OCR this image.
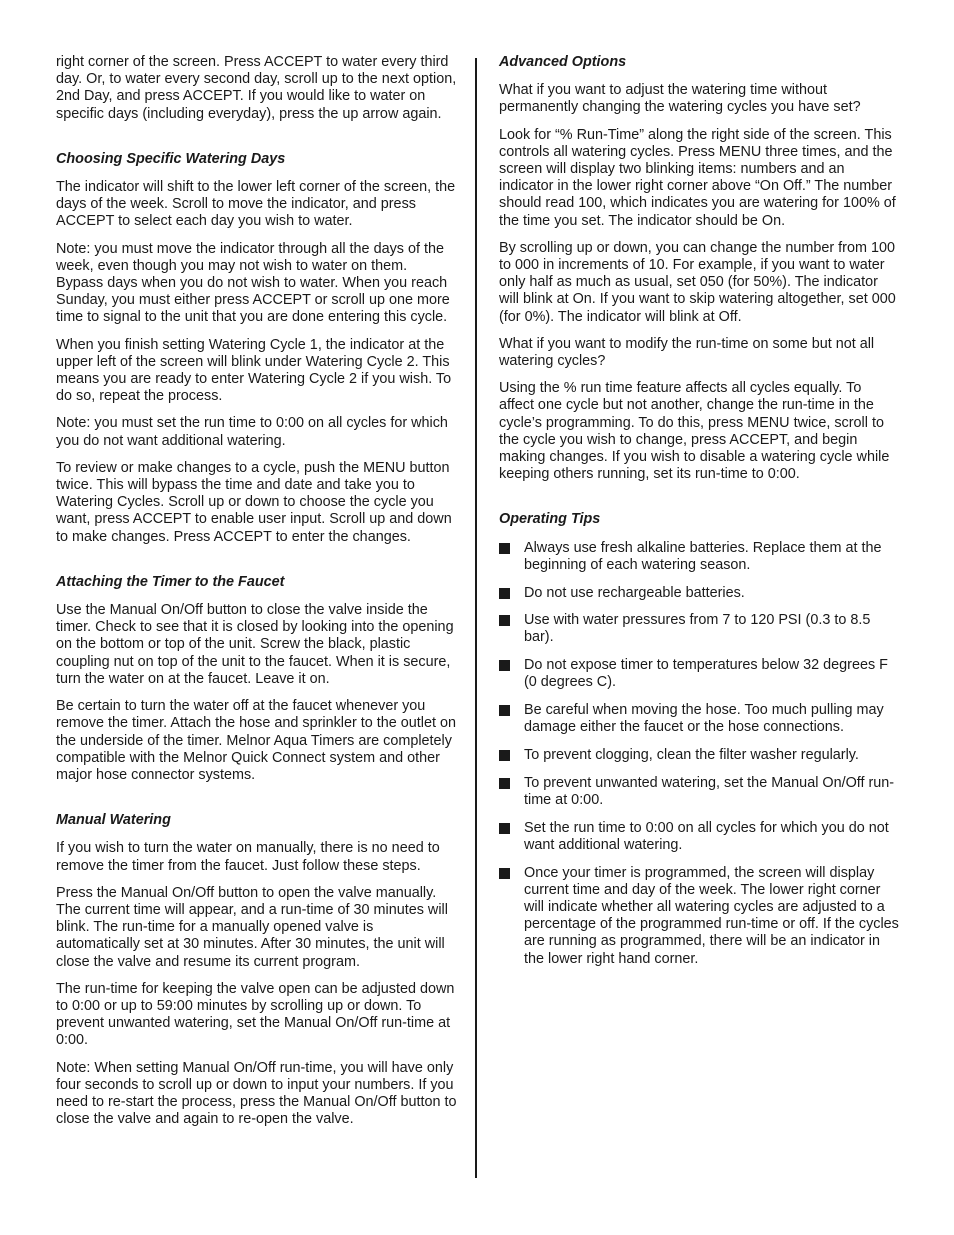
right corner of the screen. Press ACCEPT to water every third day. Or, to water every second day, scroll up to the next option, 2nd Day, and press ACCEPT. If you would like to water on specific days (including everyday), press the up arrow again.

Choosing Specific Watering Days

The indicator will shift to the lower left corner of the screen, the days of the week. Scroll to move the indicator, and press ACCEPT to select each day you wish to water.

Note: you must move the indicator through all the days of the week, even though you may not wish to water on them. Bypass days when you do not wish to water. When you reach Sunday, you must either press ACCEPT or scroll up one more time to signal to the unit that you are done entering this cycle.

When you finish setting Watering Cycle 1, the indicator at the upper left of the screen will blink under Watering Cycle 2. This means you are ready to enter Watering Cycle 2 if you wish. To do so, repeat the process.

Note: you must set the run time to 0:00 on all cycles for which you do not want additional watering.

To review or make changes to a cycle, push the MENU button twice. This will bypass the time and date and take you to Watering Cycles. Scroll up or down to choose the cycle you want, press ACCEPT to enable user input. Scroll up and down to make changes. Press ACCEPT to enter the changes.

Attaching the Timer to the Faucet

Use the Manual On/Off button to close the valve inside the timer. Check to see that it is closed by looking into the opening on the bottom or top of the unit. Screw the black, plastic coupling nut on top of the unit to the faucet. When it is secure, turn the water on at the faucet. Leave it on.

Be certain to turn the water off at the faucet whenever you remove the timer. Attach the hose and sprinkler to the outlet on the underside of the timer. Melnor Aqua Timers are completely compatible with the Melnor Quick Connect system and other major hose connector systems.

Manual Watering

If you wish to turn the water on manually, there is no need to remove the timer from the faucet. Just follow these steps.

Press the Manual On/Off button to open the valve manually. The current time will appear, and a run-time of 30 minutes will blink. The run-time for a manually opened valve is automatically set at 30 minutes. After 30 minutes, the unit will close the valve and resume its current program.

The run-time for keeping the valve open can be adjusted down to 0:00 or up to 59:00 minutes by scrolling up or down. To prevent unwanted watering, set the Manual On/Off run-time at 0:00.

Note: When setting Manual On/Off run-time, you will have only four seconds to scroll up or down to input your numbers. If you need to re-start the process, press the Manual On/Off button to close the valve and again to re-open the valve.

Advanced Options

What if you want to adjust the watering time without permanently changing the watering cycles you have set?

Look for “% Run-Time” along the right side of the screen. This controls all watering cycles. Press MENU three times, and the screen will display two blinking items: numbers and an indicator in the lower right corner above “On Off.” The number should read 100, which indicates you are watering for 100% of the time you set. The indicator should be On.

By scrolling up or down, you can change the number from 100 to 000 in increments of 10. For example, if you want to water only half as much as usual, set 050 (for 50%). The indicator will blink at On. If you want to skip watering altogether, set 000 (for 0%). The indicator will blink at Off.

What if you want to modify the run-time on some but not all watering cycles?

Using the % run time feature affects all cycles equally. To affect one cycle but not another, change the run-time in the cycle’s programming. To do this, press MENU twice, scroll to the cycle you wish to change, press ACCEPT, and begin making changes. If you wish to disable a watering cycle while keeping others running, set its run-time to 0:00.

Operating Tips
Always use fresh alkaline batteries. Replace them at the beginning of each watering season.
Do not use rechargeable batteries.
Use with water pressures from 7 to 120 PSI (0.3 to 8.5 bar).
Do not expose timer to temperatures below 32 degrees F (0 degrees C).
Be careful when moving the hose. Too much pulling may damage either the faucet or the hose connections.
To prevent clogging, clean the filter washer regularly.
To prevent unwanted watering, set the Manual On/Off run-time at 0:00.
Set the run time to 0:00 on all cycles for which you do not want additional watering.
Once your timer is programmed, the screen will display current time and day of the week. The lower right corner will indicate whether all watering cycles are adjusted to a percentage of the programmed run-time or off. If the cycles are running as programmed, there will be an indicator in the lower right hand corner.
